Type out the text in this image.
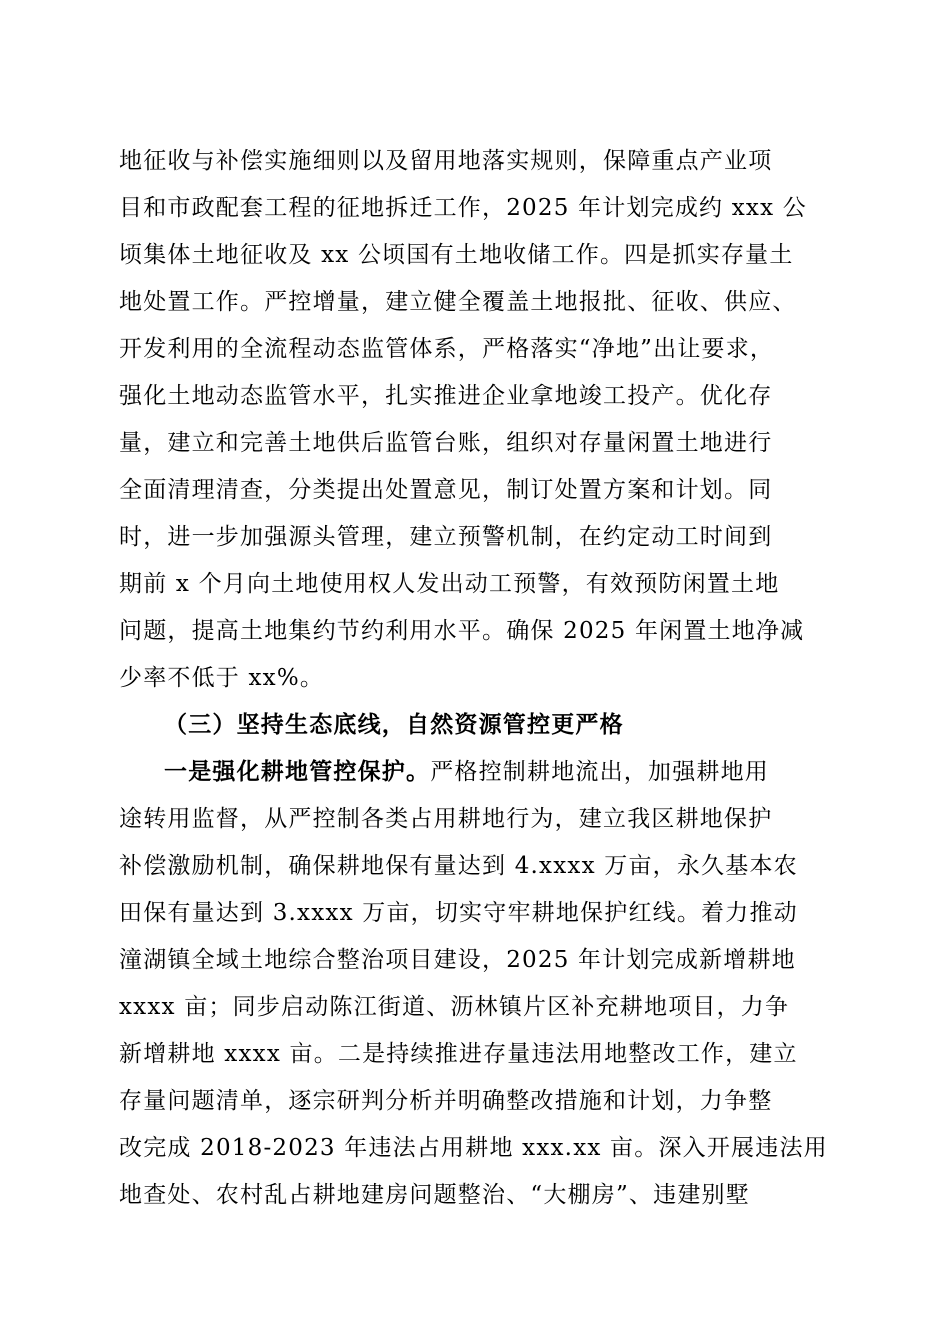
地征收与补偿实施细则以及留用地落实规则，保障重点产业项
目和市政配套工程的征地拆迁工作，2025 年计划完成约 xxx 公
顷集体土地征收及 xx 公顷国有土地收储工作。四是抓实存量土
地处置工作。严控增量，建立健全覆盖土地报批、征收、供应、
开发利用的全流程动态监管体系，严格落实“净地”出让要求，
强化土地动态监管水平，扎实推进企业拿地竣工投产。优化存
量，建立和完善土地供后监管台账，组织对存量闲置土地进行
全面清理清查，分类提出处置意见，制订处置方案和计划。同
时，进一步加强源头管理，建立预警机制，在约定动工时间到
期前 x 个月向土地使用权人发出动工预警，有效预防闲置土地
问题，提高土地集约节约利用水平。确保 2025 年闲置土地净减
少率不低于 xx%。
（三）坚持生态底线，自然资源管控更严格
一是强化耕地管控保护。严格控制耕地流出，加强耕地用
途转用监督，从严控制各类占用耕地行为，建立我区耕地保护
补偿激励机制，确保耕地保有量达到 4.xxxx 万亩，永久基本农
田保有量达到 3.xxxx 万亩，切实守牢耕地保护红线。着力推动
潼湖镇全域土地综合整治项目建设，2025 年计划完成新增耕地
xxxx 亩；同步启动陈江街道、沥林镇片区补充耕地项目，力争
新增耕地 xxxx 亩。二是持续推进存量违法用地整改工作，建立
存量问题清单，逐宗研判分析并明确整改措施和计划，力争整
改完成 2018-2023 年违法占用耕地 xxx.xx 亩。深入开展违法用
地查处、农村乱占耕地建房问题整治、“大棚房”、违建别墅
